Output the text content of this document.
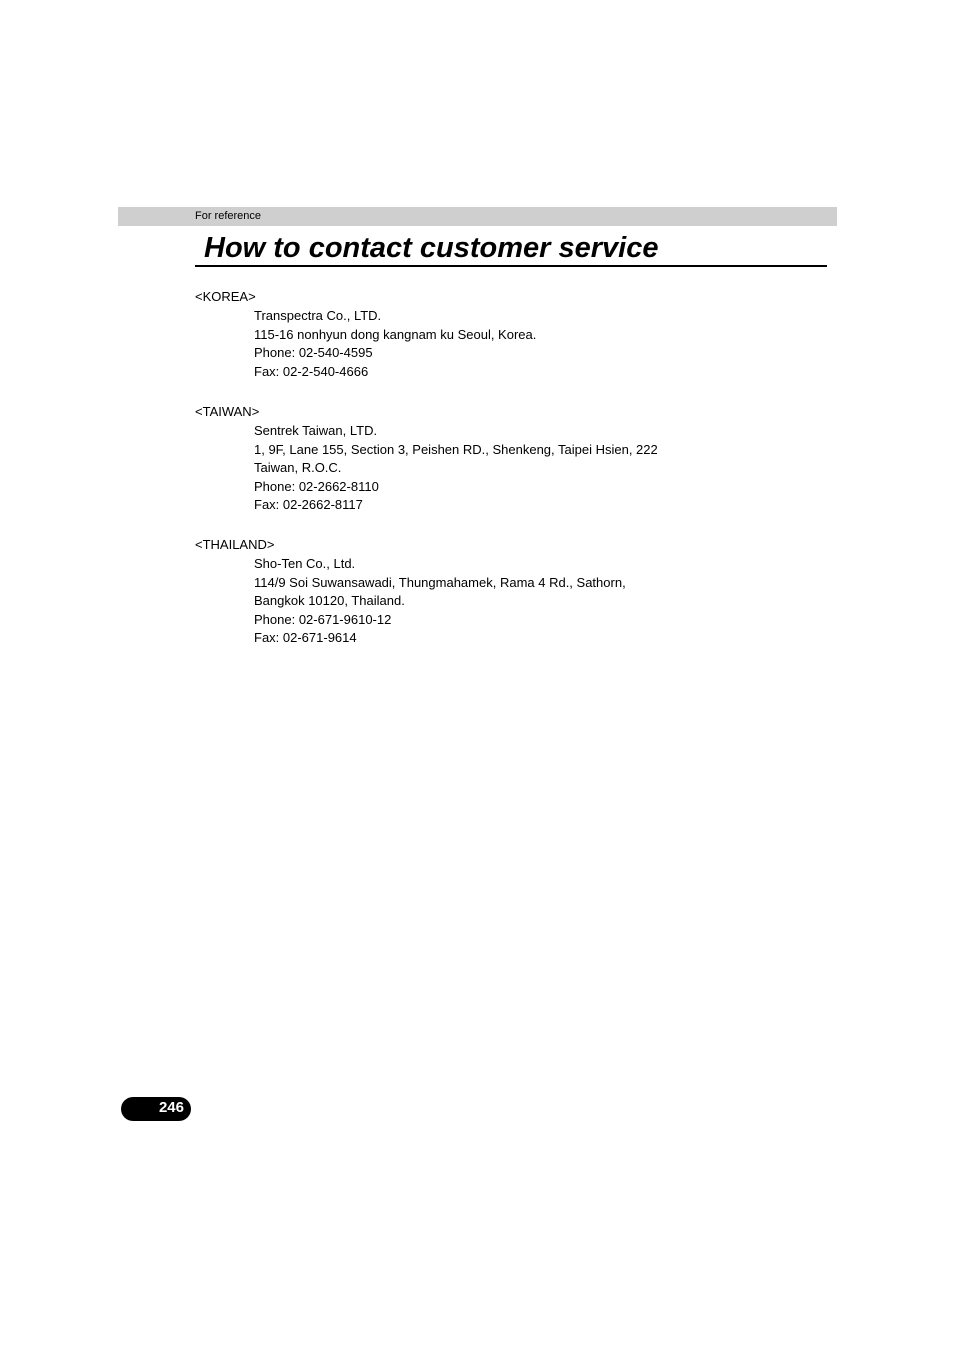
For reference
How to contact customer service
<KOREA>
Transpectra Co., LTD.
115-16 nonhyun dong kangnam ku Seoul, Korea.
Phone: 02-540-4595
Fax: 02-2-540-4666
<TAIWAN>
Sentrek Taiwan, LTD.
1, 9F, Lane 155, Section 3, Peishen RD., Shenkeng, Taipei Hsien, 222
Taiwan, R.O.C.
Phone: 02-2662-8110
Fax: 02-2662-8117
<THAILAND>
Sho-Ten Co., Ltd.
114/9 Soi Suwansawadi, Thungmahamek, Rama 4 Rd., Sathorn,
Bangkok 10120, Thailand.
Phone: 02-671-9610-12
Fax: 02-671-9614
246
